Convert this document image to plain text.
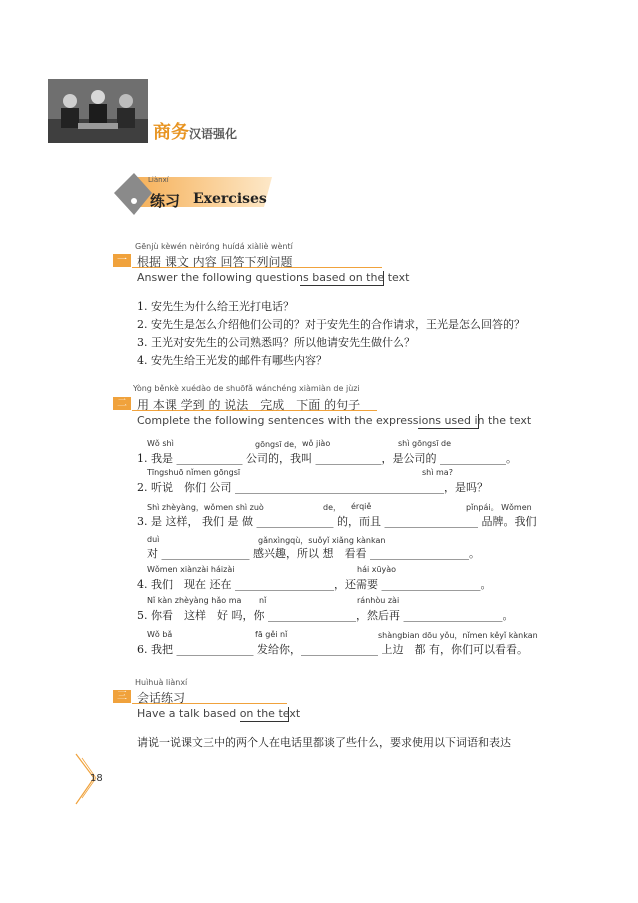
商务汉语强化
Liànxí
练习 Exercises
Gēnjù kèwén nèiróng huídá xiàliè wèntí
一 根据 课文 内容 回答下列问题
Answer the following questions based on the text
1. 安先生为什么给王光打电话？
2. 安先生是怎么介绍他们公司的？对于安先生的合作请求，王光是怎么回答的？
3. 王光对安先生的公司熟悉吗？所以他请安先生做什么？
4. 安先生给王光发的邮件有哪些内容？
Yòng běnkè xuédào de shuōfǎ wánchéng xiàmiàn de jùzi
二 用 本课 学到 的 说法　完成　下面 的句子
Complete the following sentences with the expressions used in the text
Wǒ shì	gōngsī de， wǒ jiào	shì gōngsī de
1. 我是 ____________ 公司的，我叫 ____________，是公司的 ____________。
Tīngshuō nǐmen gōngsī	shì ma?
2. 听说　你们 公司 ______________________________________，是吗？
Shì zhèyàng，wǒmen shì zuò	de， érqiě	pǐnpái。 Wǒmen
3. 是 这样， 我们 是 做 ______________ 的，而且 _________________ 品牌。我们
duì	gǎnxìngqù，suǒyǐ xiǎng kànkan
对 ________________ 感兴趣，所以 想　看看 __________________。
Wǒmen xiànzài háizài	hái xūyào
4. 我们　现在 还在 __________________，还需要 __________________。
Nǐ kàn zhèyàng hǎo ma nǐ	ránhòu zài
5. 你看　这样　好 吗，你 ________________，然后再 __________________。
Wǒ bǎ	fā gěi nǐ	shàngbian dōu yǒu，nǐmen kěyǐ kànkan
6. 我把 ______________ 发给你，______________ 上边　都 有，你们可以看看。
Huìhuà liànxí
三 会话练习
Have a talk based on the text
请说一说课文三中的两个人在电话里都谈了些什么，要求使用以下词语和表达
18
